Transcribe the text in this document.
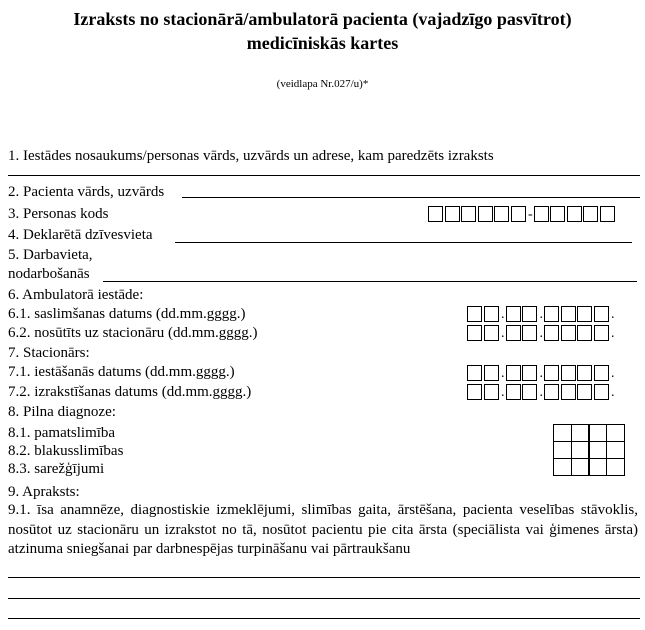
Izraksts no stacionārā/ambulatorā pacienta (vajadzīgo pasvītrot)
medicīniskās kartes
(veidlapa Nr.027/u)*
1. Iestādes nosaukums/personas vārds, uzvārds un adrese, kam paredzēts izraksts
2. Pacienta vārds, uzvārds
3. Personas kods	-
4. Deklarētā dzīvesvieta
5. Darbavieta,
nodarbošanās
6. Ambulatorā iestāde:
6.1. saslimšanas datums (dd.mm.gggg.)	.	.	.
6.2. nosūtīts uz stacionāru (dd.mm.gggg.)	.	.	.
7. Stacionārs:
7.1. iestāšanās datums (dd.mm.gggg.)	.	.	.
7.2. izrakstīšanas datums (dd.mm.gggg.)	.	.	.
8. Pilna diagnoze:
8.1. pamatslimība
8.2. blakusslimības
8.3. sarežģījumi
9. Apraksts:
9.1. īsa anamnēze, diagnostiskie izmeklējumi, slimības gaita, ārstēšana, pacienta veselības stāvoklis, nosūtot uz stacionāru un izrakstot no tā, nosūtot pacientu pie cita ārsta (speciālista vai ģimenes ārsta) atzinuma sniegšanai par darbnespējas turpināšanu vai pārtraukšanu
